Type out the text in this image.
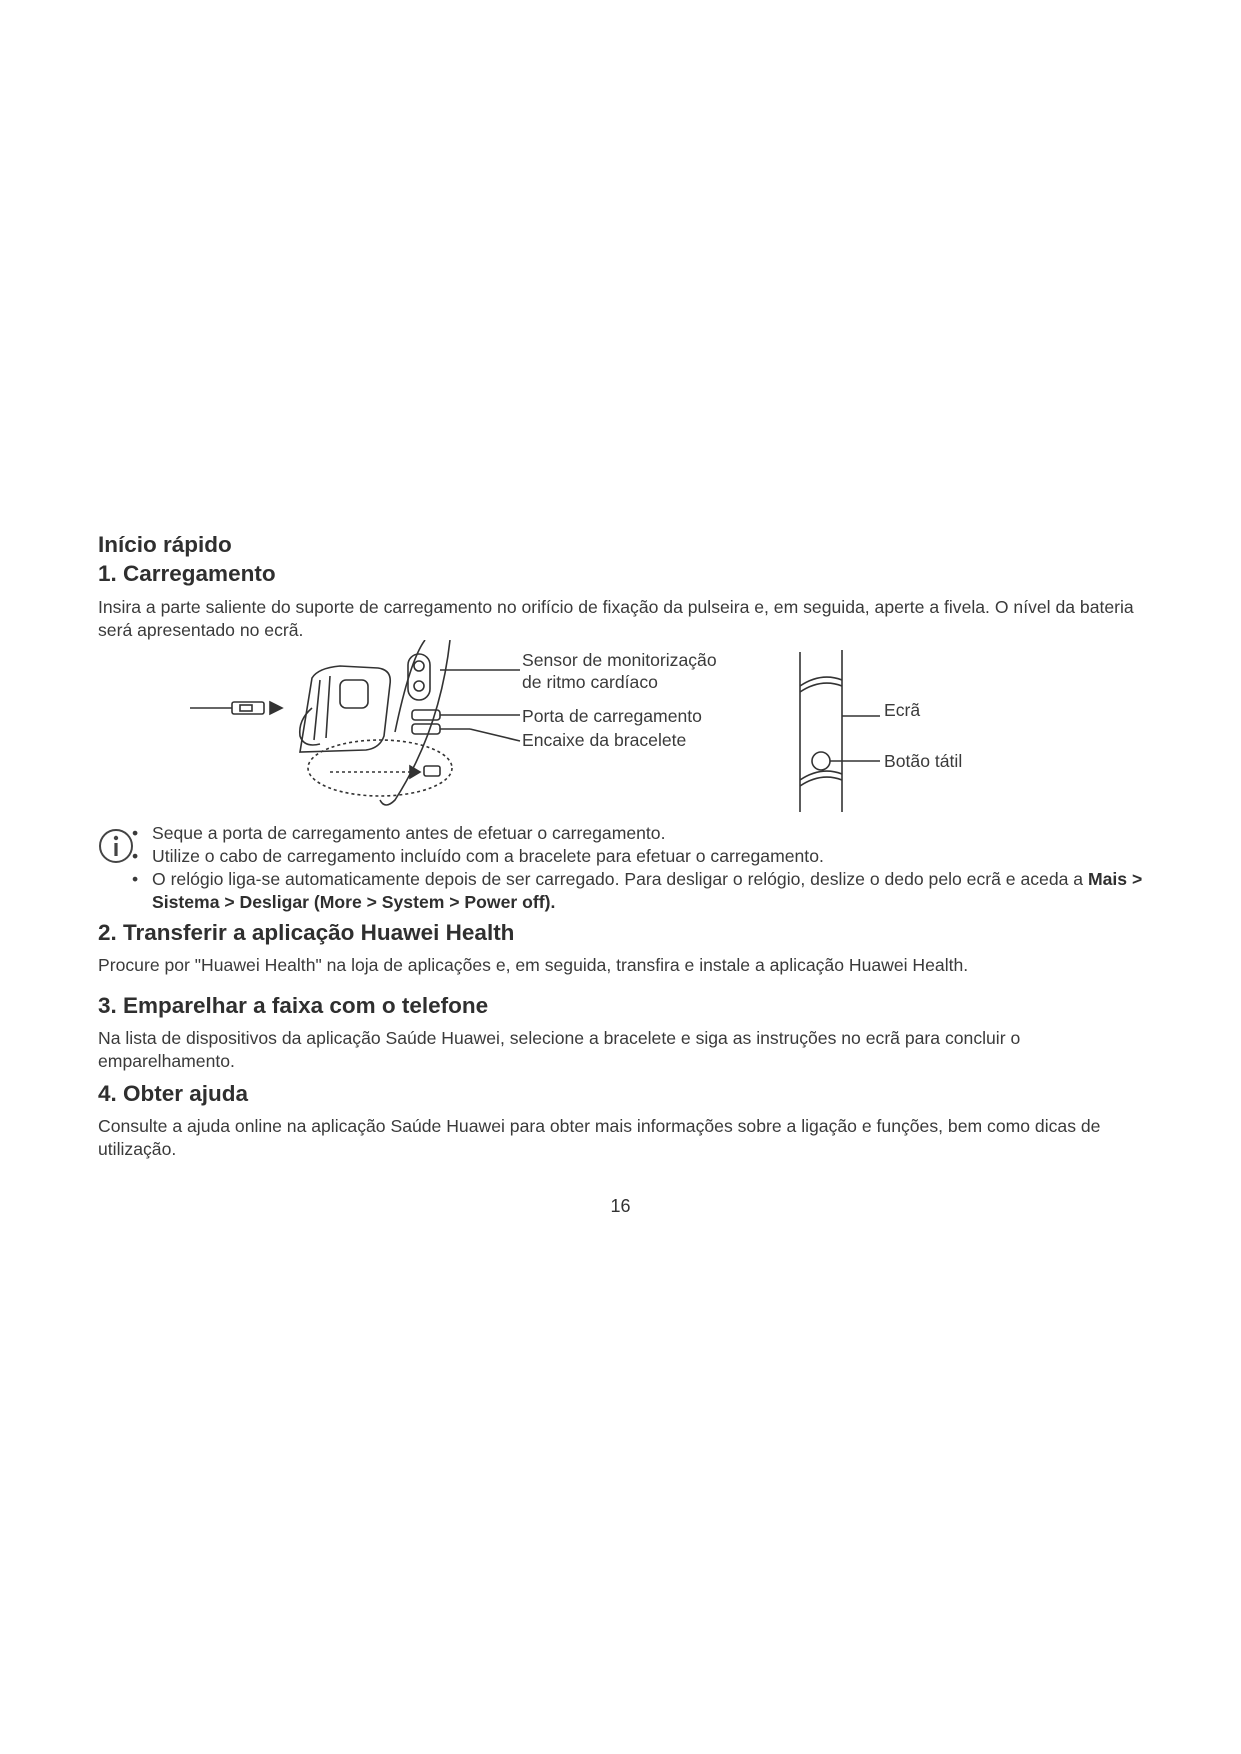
Início rápido
1. Carregamento

Insira a parte saliente do suporte de carregamento no orifício de fixação da pulseira e, em seguida, aperte a fivela. O nível da bateria será apresentado no ecrã.

Sensor de monitorização
de ritmo cardíaco
Porta de carregamento
Encaixe da bracelete
Ecrã
Botão tátil
• Seque a porta de carregamento antes de efetuar o carregamento.
• Utilize o cabo de carregamento incluído com a bracelete para efetuar o carregamento.
• O relógio liga-se automaticamente depois de ser carregado. Para desligar o relógio, deslize o dedo pelo ecrã e aceda a Mais > Sistema > Desligar (More > System > Power off).
2. Transferir a aplicação Huawei Health

Procure por "Huawei Health" na loja de aplicações e, em seguida, transfira e instale a aplicação Huawei Health.

3. Emparelhar a faixa com o telefone

Na lista de dispositivos da aplicação Saúde Huawei, selecione a bracelete e siga as instruções no ecrã para concluir o emparelhamento.

4. Obter ajuda

Consulte a ajuda online na aplicação Saúde Huawei para obter mais informações sobre a ligação e funções, bem como dicas de utilização.

16
